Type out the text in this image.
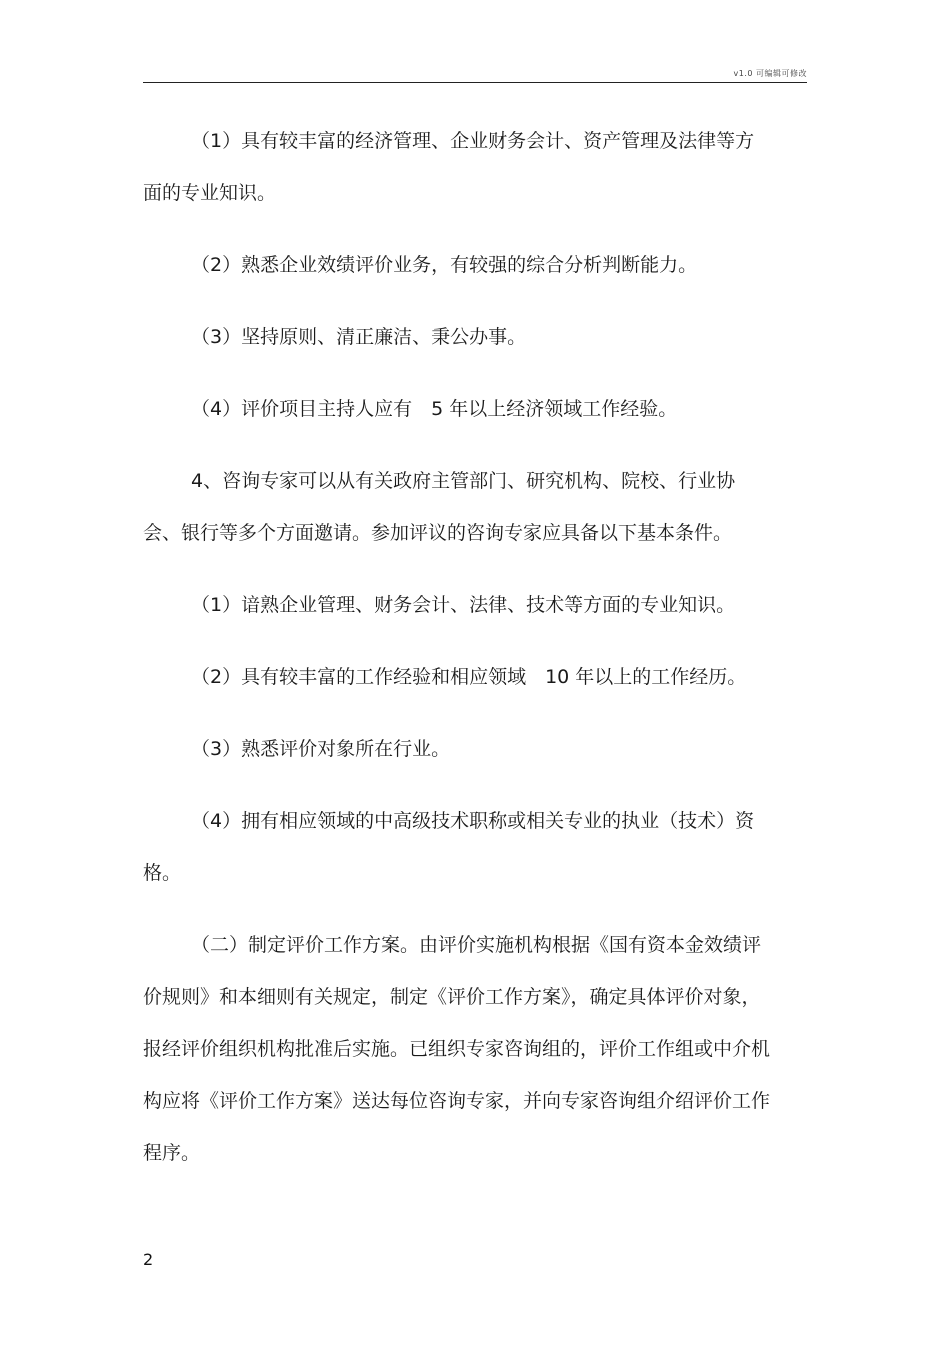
v1.0 可编辑可修改

（1）具有较丰富的经济管理、企业财务会计、资产管理及法律等方面的专业知识。

（2）熟悉企业效绩评价业务，有较强的综合分析判断能力。

（3）坚持原则、清正廉洁、秉公办事。

（4）评价项目主持人应有　5 年以上经济领域工作经验。

4、咨询专家可以从有关政府主管部门、研究机构、院校、行业协会、银行等多个方面邀请。参加评议的咨询专家应具备以下基本条件。

（1）谙熟企业管理、财务会计、法律、技术等方面的专业知识。

（2）具有较丰富的工作经验和相应领域　10 年以上的工作经历。

（3）熟悉评价对象所在行业。

（4）拥有相应领域的中高级技术职称或相关专业的执业（技术）资格。

（二）制定评价工作方案。由评价实施机构根据《国有资本金效绩评价规则》和本细则有关规定，制定《评价工作方案》，确定具体评价对象，报经评价组织机构批准后实施。已组织专家咨询组的，评价工作组或中介机构应将《评价工作方案》送达每位咨询专家，并向专家咨询组介绍评价工作程序。

2
